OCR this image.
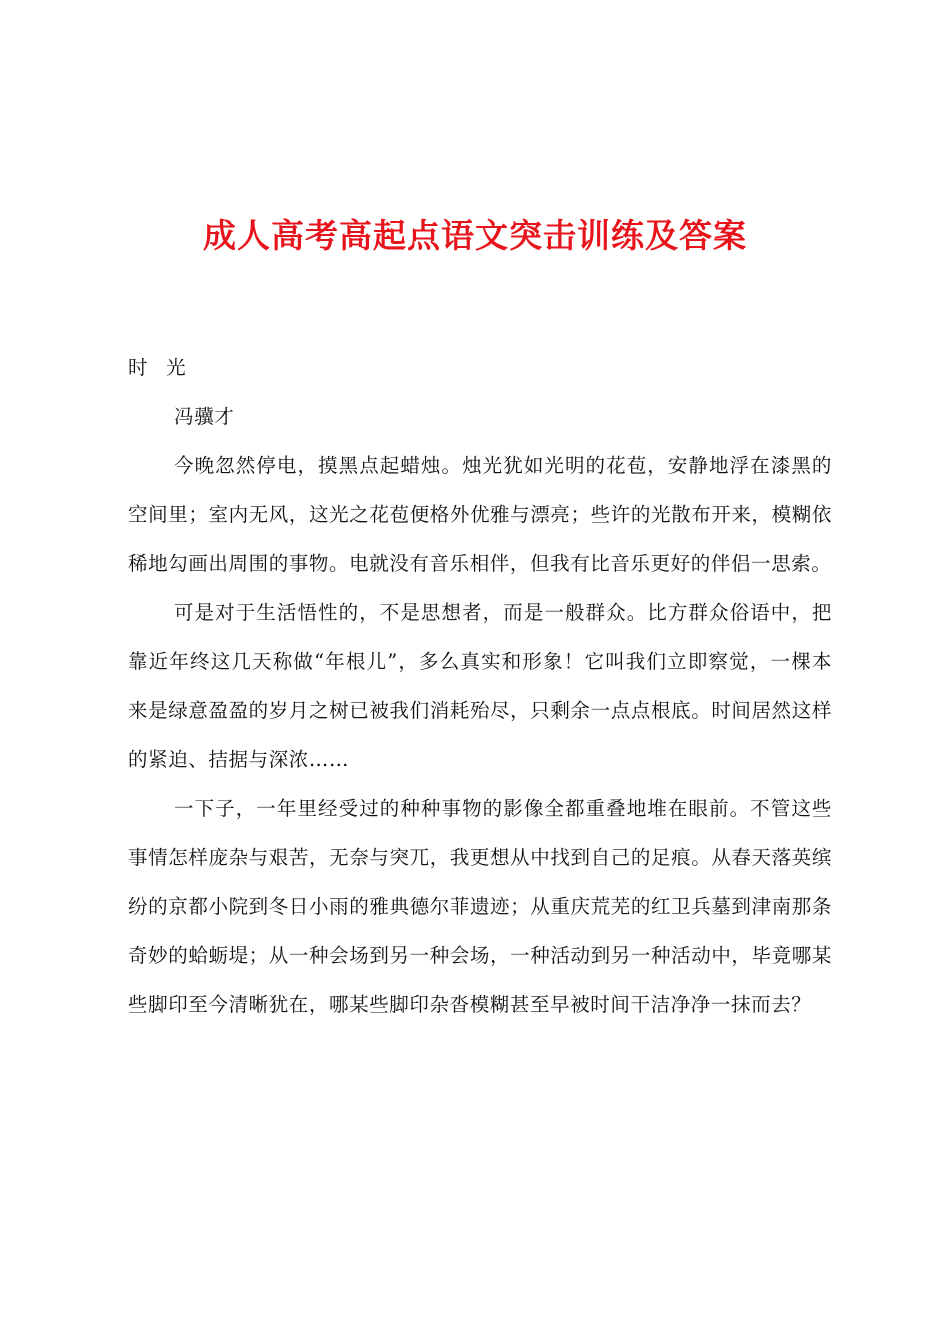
成人高考高起点语文突击训练及答案

时 光

冯骥才

今晚忽然停电，摸黑点起蜡烛。烛光犹如光明的花苞，安静地浮在漆黑的空间里；室内无风，这光之花苞便格外优雅与漂亮；些许的光散布开来，模糊依稀地勾画出周围的事物。电就没有音乐相伴，但我有比音乐更好的伴侣一思索。

可是对于生活悟性的，不是思想者，而是一般群众。比方群众俗语中，把靠近年终这几天称做“年根儿”，多么真实和形象！它叫我们立即察觉，一棵本来是绿意盈盈的岁月之树已被我们消耗殆尽，只剩余一点点根底。时间居然这样的紧迫、拮据与深浓……

一下子，一年里经受过的种种事物的影像全都重叠地堆在眼前。不管这些事情怎样庞杂与艰苦，无奈与突兀，我更想从中找到自己的足痕。从春天落英缤纷的京都小院到冬日小雨的雅典德尔菲遗迹；从重庆荒芜的红卫兵墓到津南那条奇妙的蛤蛎堤；从一种会场到另一种会场，一种活动到另一种活动中，毕竟哪某些脚印至今清晰犹在，哪某些脚印杂沓模糊甚至早被时间干洁净净一抹而去？
